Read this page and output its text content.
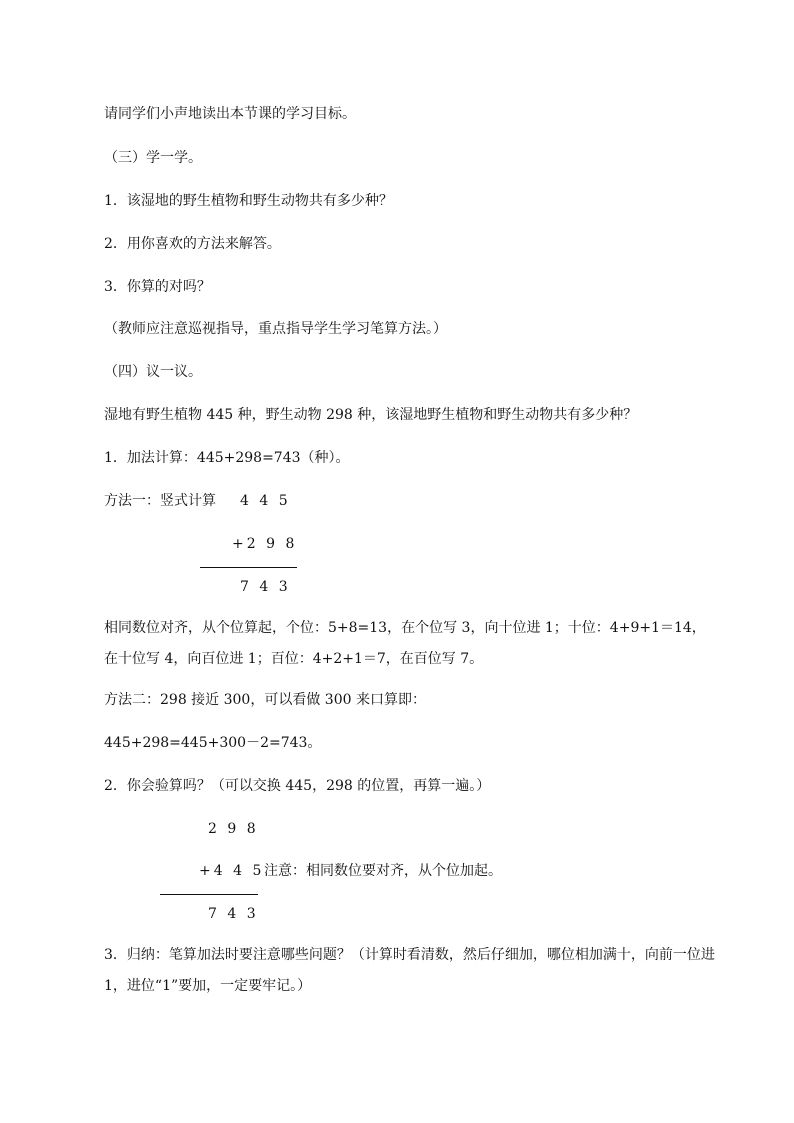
请同学们小声地读出本节课的学习目标。
（三）学一学。
1．该湿地的野生植物和野生动物共有多少种？
2．用你喜欢的方法来解答。
3．你算的对吗？
（教师应注意巡视指导，重点指导学生学习笔算方法。）
（四）议一议。
湿地有野生植物 445 种，野生动物 298 种，该湿地野生植物和野生动物共有多少种？
1．加法计算：445+298=743（种）。
方法一：竖式计算 4 4 5
+2 9 8
7 4 3
相同数位对齐，从个位算起，个位：5+8=13，在个位写 3，向十位进 1；十位：4+9+1＝14，在十位写 4，向百位进 1；百位：4+2+1＝7，在百位写 7。
方法二：298 接近 300，可以看做 300 来口算即：
445+298=445+300－2=743。
2．你会验算吗？（可以交换 445，298 的位置，再算一遍。）
2 9 8
+4 4 5 注意：相同数位要对齐，从个位加起。
7 4 3
3．归纳：笔算加法时要注意哪些问题？（计算时看清数，然后仔细加，哪位相加满十，向前一位进 1，进位“1”要加，一定要牢记。）
